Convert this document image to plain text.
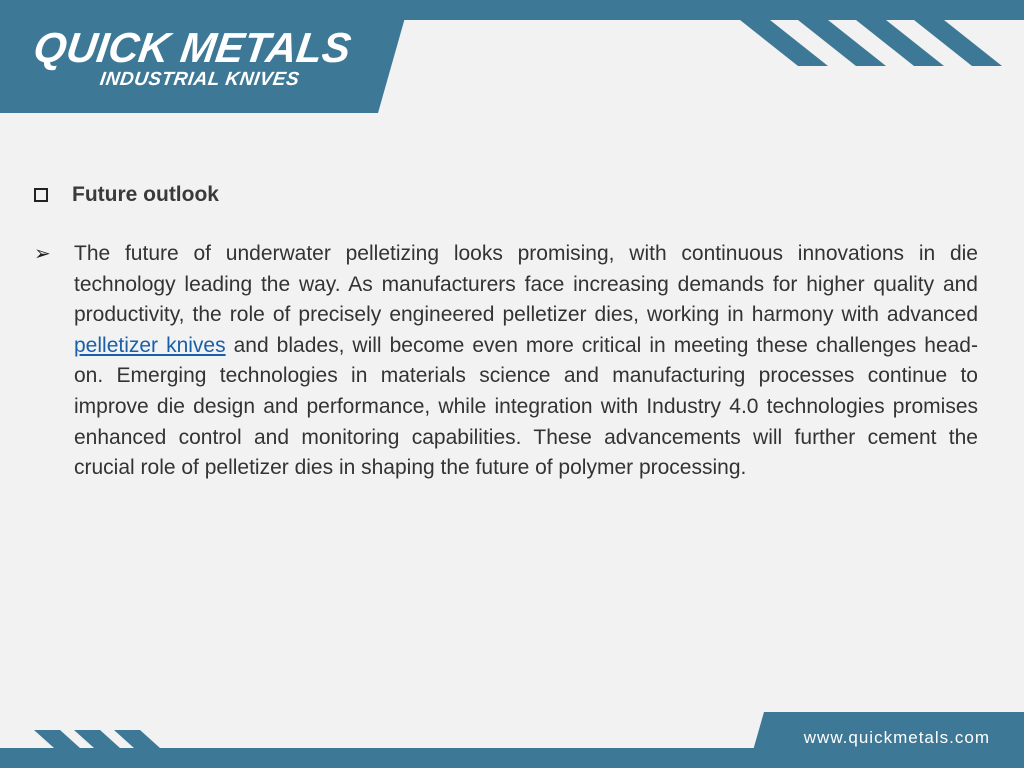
QUICK METALS
INDUSTRIAL KNIVES
Future outlook
➢	The future of underwater pelletizing looks promising, with continuous innovations in die technology leading the way. As manufacturers face increasing demands for higher quality and productivity, the role of precisely engineered pelletizer dies, working in harmony with advanced pelletizer knives and blades, will become even more critical in meeting these challenges head-on. Emerging technologies in materials science and manufacturing processes continue to improve die design and performance, while integration with Industry 4.0 technologies promises enhanced control and monitoring capabilities. These advancements will further cement the crucial role of pelletizer dies in shaping the future of polymer processing.

www.quickmetals.com
